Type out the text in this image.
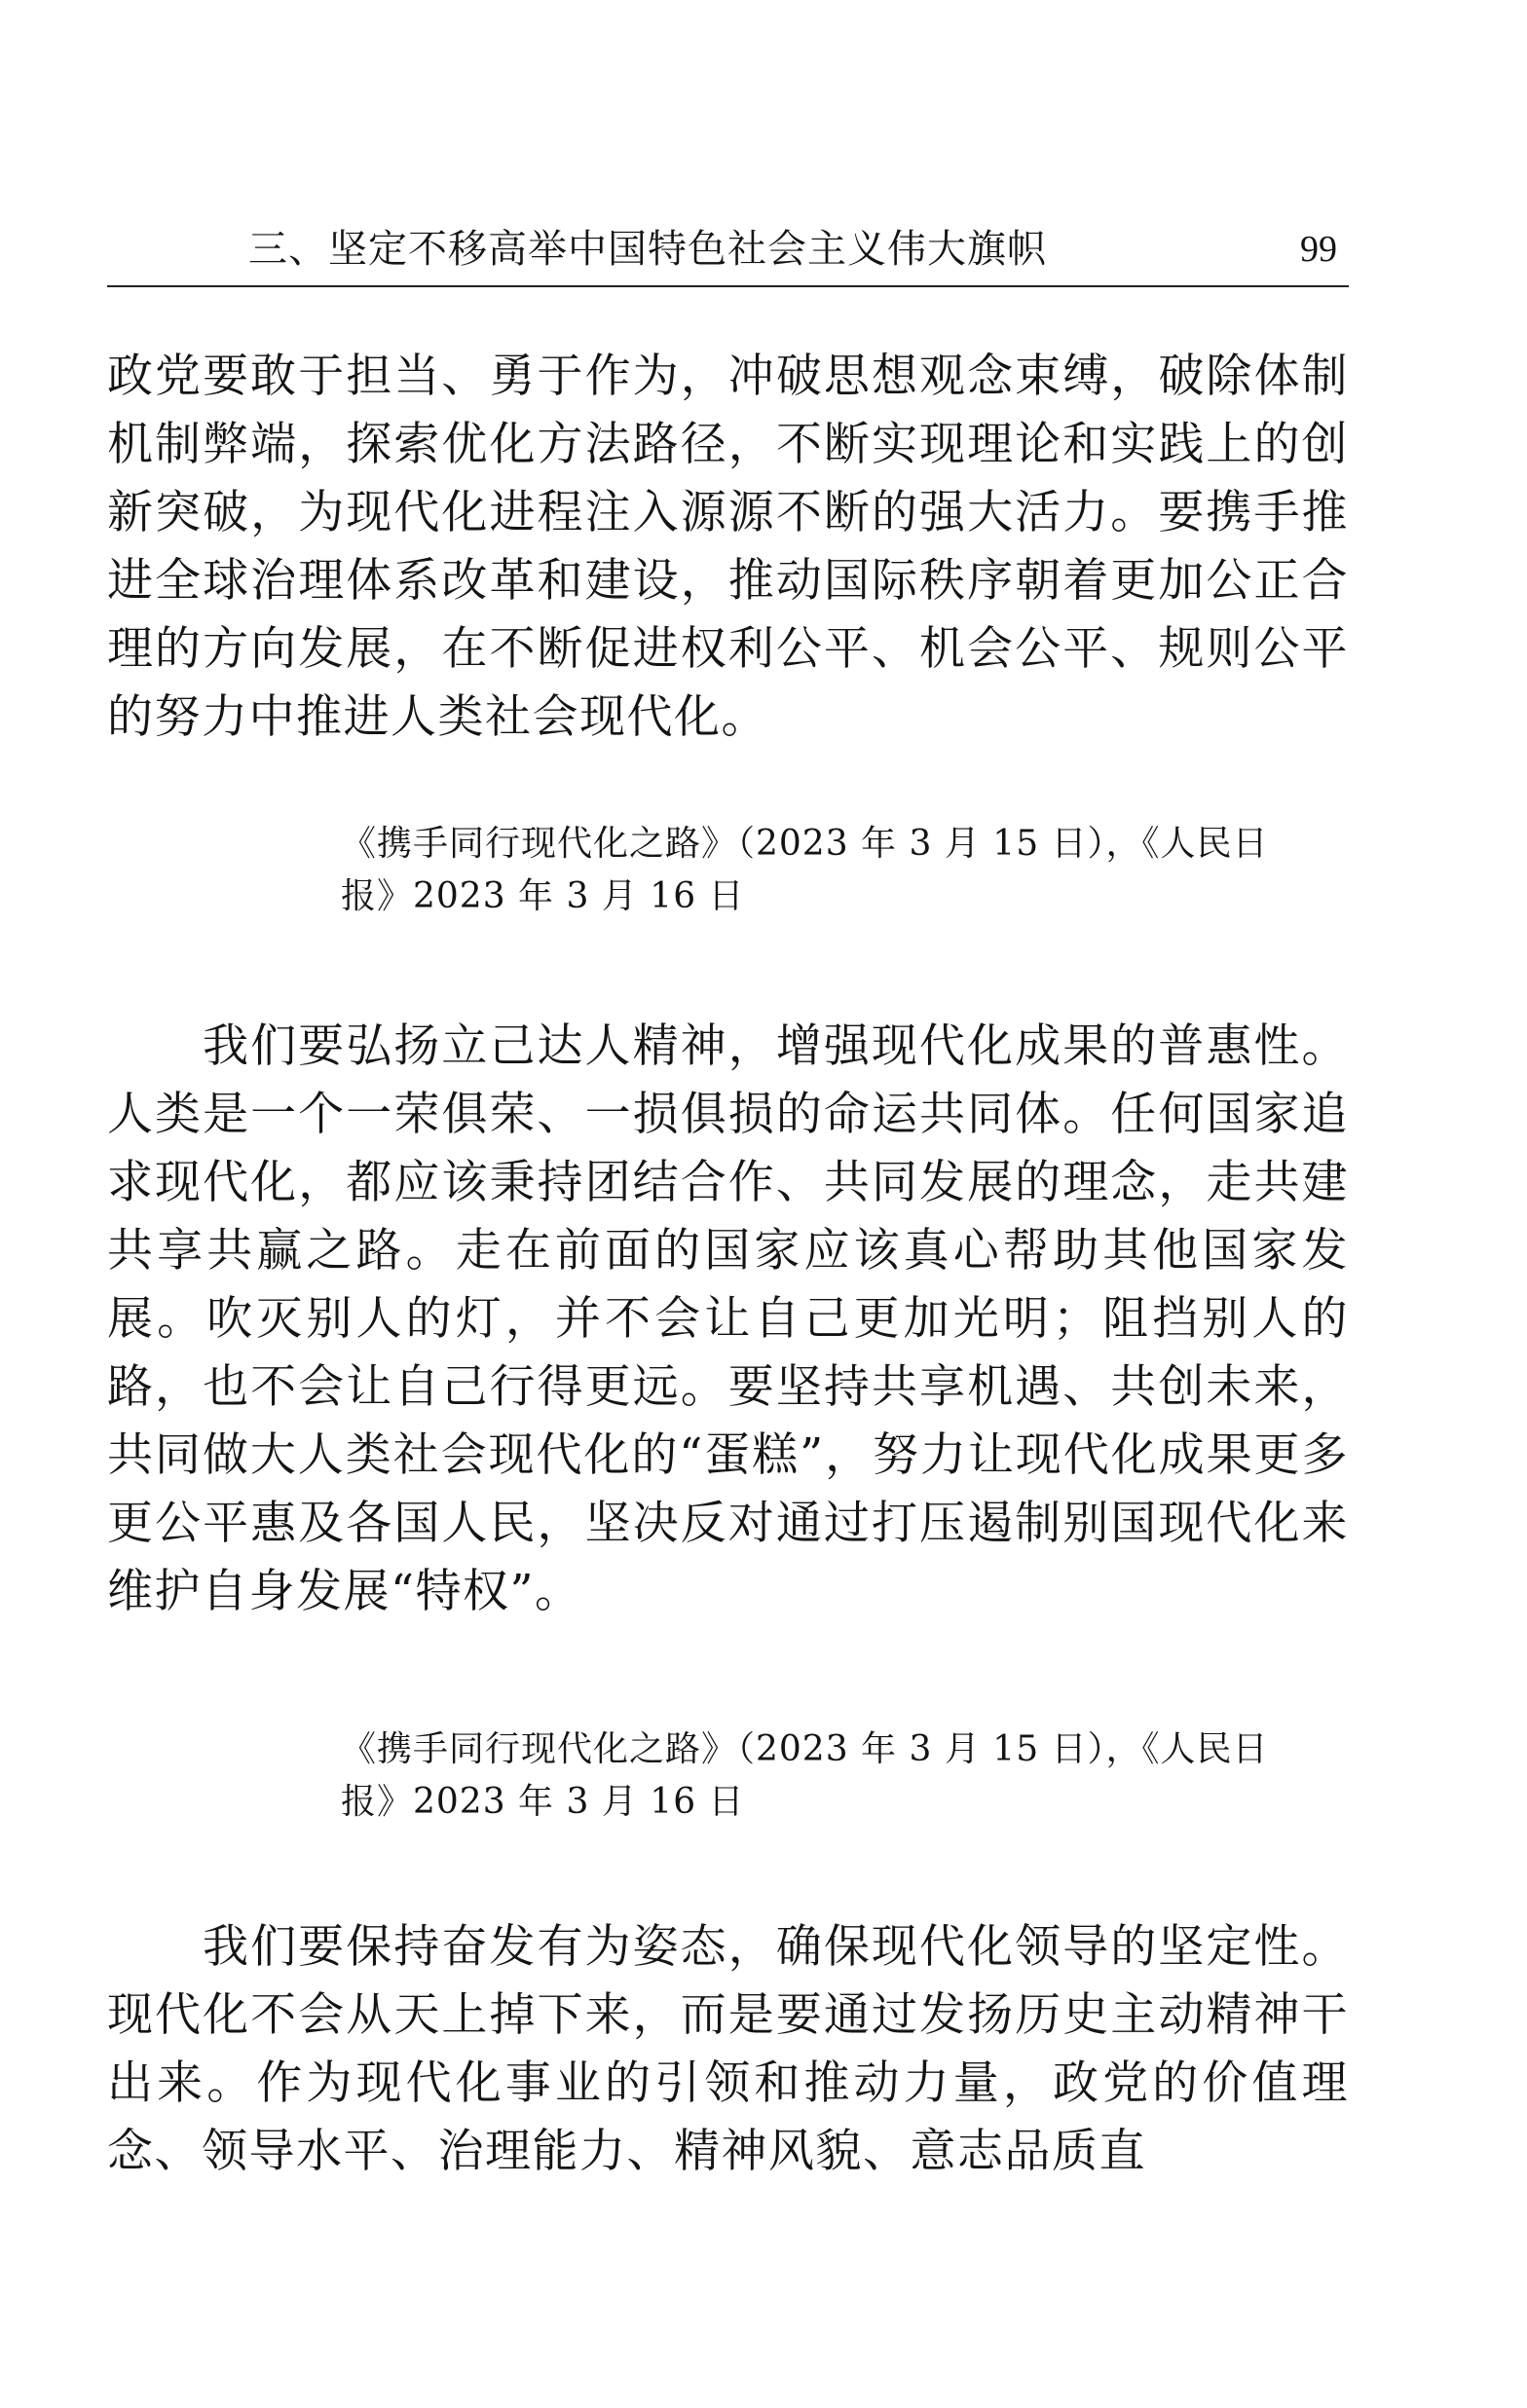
三、坚定不移高举中国特色社会主义伟大旗帜	99
政党要敢于担当、勇于作为，冲破思想观念束缚，破除体制机制弊端，探索优化方法路径，不断实现理论和实践上的创新突破，为现代化进程注入源源不断的强大活力。要携手推进全球治理体系改革和建设，推动国际秩序朝着更加公正合理的方向发展，在不断促进权利公平、机会公平、规则公平的努力中推进人类社会现代化。
《携手同行现代化之路》（2023 年 3 月 15 日），《人民日
报》2023 年 3 月 16 日
我们要弘扬立己达人精神，增强现代化成果的普惠性。人类是一个一荣俱荣、一损俱损的命运共同体。任何国家追求现代化，都应该秉持团结合作、共同发展的理念，走共建共享共赢之路。走在前面的国家应该真心帮助其他国家发展。吹灭别人的灯，并不会让自己更加光明；阻挡别人的路，也不会让自己行得更远。要坚持共享机遇、共创未来，共同做大人类社会现代化的“蛋糕”，努力让现代化成果更多更公平惠及各国人民，坚决反对通过打压遏制别国现代化来维护自身发展“特权”。
《携手同行现代化之路》（2023 年 3 月 15 日），《人民日
报》2023 年 3 月 16 日
我们要保持奋发有为姿态，确保现代化领导的坚定性。现代化不会从天上掉下来，而是要通过发扬历史主动精神干出来。作为现代化事业的引领和推动力量，政党的价值理念、领导水平、治理能力、精神风貌、意志品质直
